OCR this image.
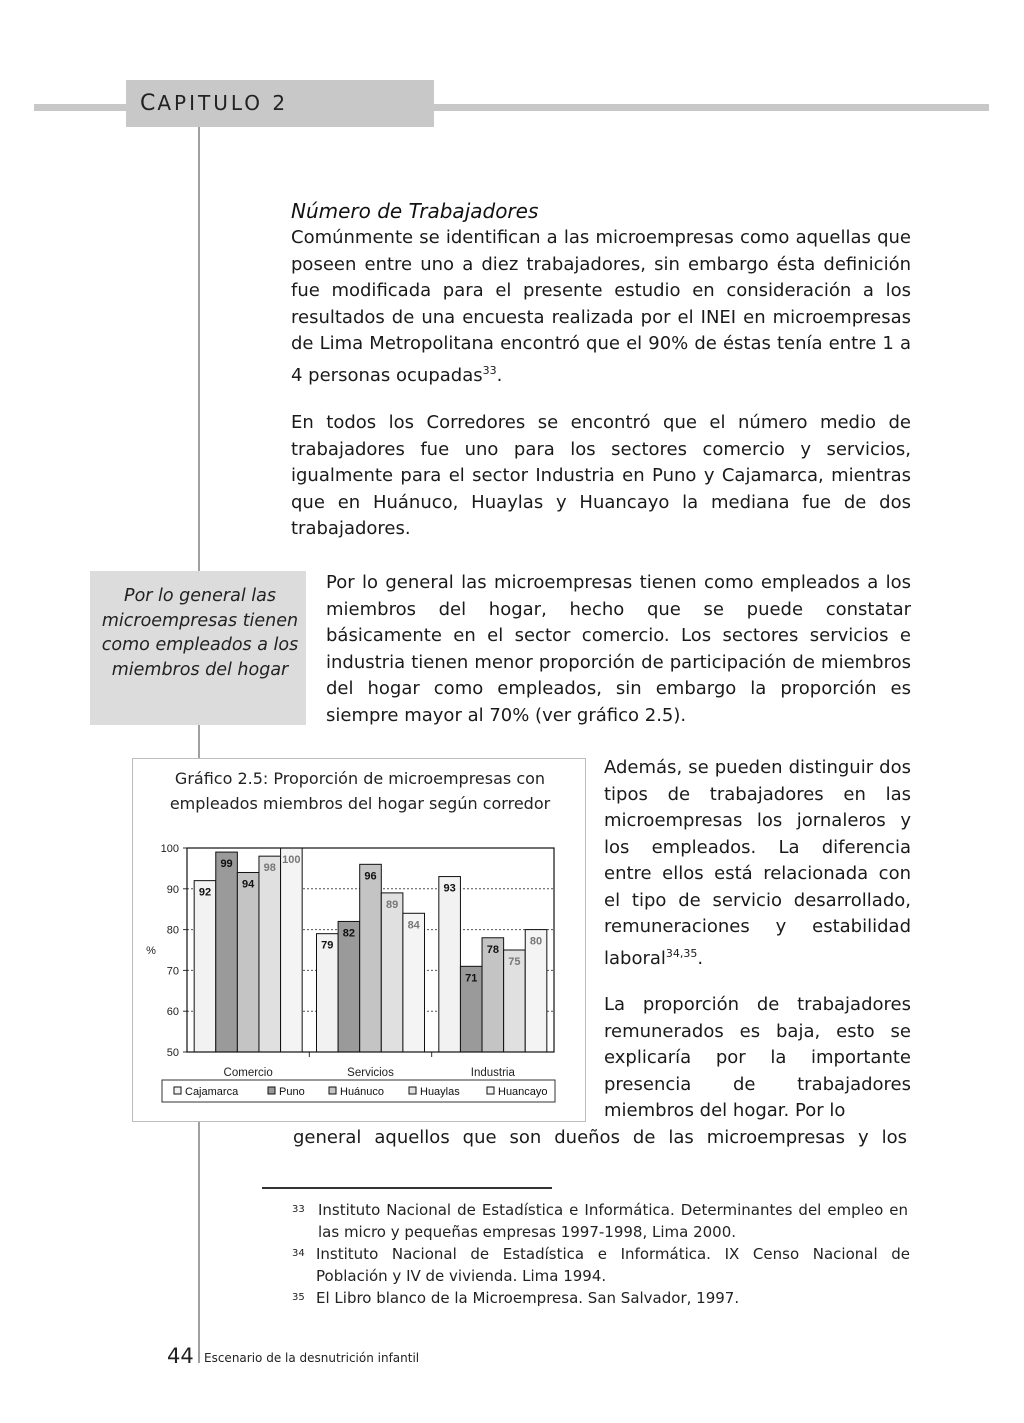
CAPITULO 2
Número de Trabajadores
Comúnmente se identifican a las microempresas como aquellas que poseen entre uno a diez trabajadores, sin embargo ésta definición fue modificada para el presente estudio en consideración a los resultados de una encuesta realizada por el INEI en microempresas de Lima Metropolitana encontró que el 90% de éstas tenía entre 1 a 4 personas ocupadas$^{33}$.
En todos los Corredores se encontró que el número medio de trabajadores fue uno para los sectores comercio y servicios, igualmente para el sector Industria en Puno y Cajamarca, mientras que en Huánuco, Huaylas y Huancayo la mediana fue de dos trabajadores.
Por lo general las microempresas tienen como empleados a los miembros del hogar
Por lo general las microempresas tienen como empleados a los miembros del hogar, hecho que se puede constatar básicamente en el sector comercio. Los sectores servicios e industria tienen menor proporción de participación de miembros del hogar como empleados, sin embargo la proporción es siempre mayor al 70% (ver gráfico 2.5).
Además, se pueden distinguir dos tipos de trabajadores en las microempresas los jornaleros y los empleados. La diferencia entre ellos está relacionada con el tipo de servicio desarrollado, remuneraciones y estabilidad laboral$^{34,35}$.
La proporción de trabajadores remunerados es baja, esto se explicaría por la importante presencia de trabajadores miembros del hogar. Por lo
general aquellos que son dueños de las microempresas y los
Gráfico 2.5: Proporción de microempresas con
empleados miembros del hogar según corredor
50
60
70
80
90
100
%
92
99
94
98
100
Comercio
79
82
96
89
84
Servicios
93
71
78
75
80
Industria
Cajamarca	Puno	Huánuco	Huaylas	Huancayo
$^{33}$ Instituto Nacional de Estadística e Informática. Determinantes del empleo en
las micro y pequeñas empresas 1997-1998, Lima 2000.
$^{34}$ Instituto Nacional de Estadística e Informática. IX Censo Nacional de
Población y IV de vivienda. Lima 1994.
$^{35}$ El Libro blanco de la Microempresa. San Salvador, 1997.
44 Escenario de la desnutrición infantil
